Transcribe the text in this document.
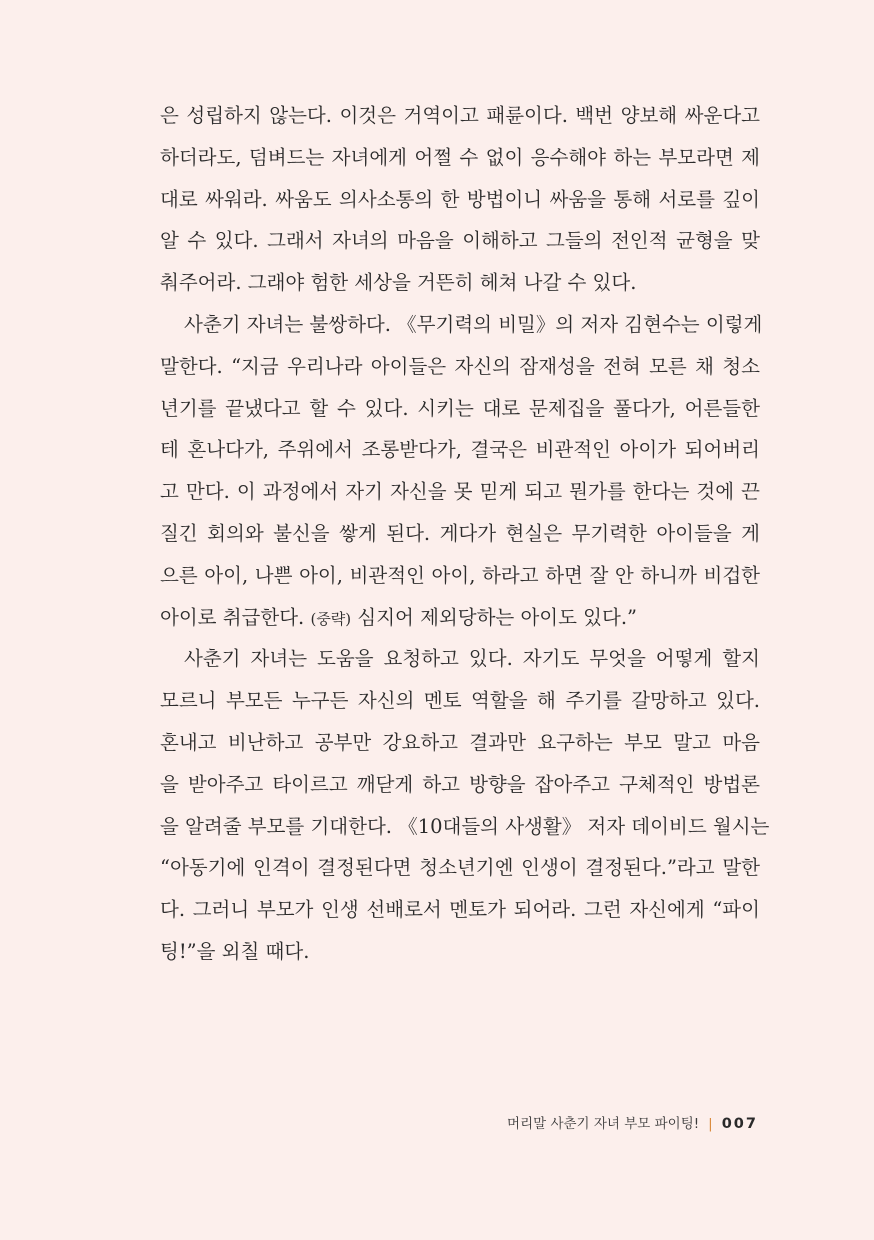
은 성립하지 않는다. 이것은 거역이고 패륜이다. 백번 양보해 싸운다고
하더라도, 덤벼드는 자녀에게 어쩔 수 없이 응수해야 하는 부모라면 제
대로 싸워라. 싸움도 의사소통의 한 방법이니 싸움을 통해 서로를 깊이
알 수 있다. 그래서 자녀의 마음을 이해하고 그들의 전인적 균형을 맞
춰주어라. 그래야 험한 세상을 거뜬히 헤쳐 나갈 수 있다.
사춘기 자녀는 불쌍하다. 《무기력의 비밀》의 저자 김현수는 이렇게
말한다. “지금 우리나라 아이들은 자신의 잠재성을 전혀 모른 채 청소
년기를 끝냈다고 할 수 있다. 시키는 대로 문제집을 풀다가, 어른들한
테 혼나다가, 주위에서 조롱받다가, 결국은 비관적인 아이가 되어버리
고 만다. 이 과정에서 자기 자신을 못 믿게 되고 뭔가를 한다는 것에 끈
질긴 회의와 불신을 쌓게 된다. 게다가 현실은 무기력한 아이들을 게
으른 아이, 나쁜 아이, 비관적인 아이, 하라고 하면 잘 안 하니까 비겁한
아이로 취급한다. (중략) 심지어 제외당하는 아이도 있다.”
사춘기 자녀는 도움을 요청하고 있다. 자기도 무엇을 어떻게 할지
모르니 부모든 누구든 자신의 멘토 역할을 해 주기를 갈망하고 있다.
혼내고 비난하고 공부만 강요하고 결과만 요구하는 부모 말고 마음
을 받아주고 타이르고 깨닫게 하고 방향을 잡아주고 구체적인 방법론
을 알려줄 부모를 기대한다. 《10대들의 사생활》 저자 데이비드 월시는
“아동기에 인격이 결정된다면 청소년기엔 인생이 결정된다.”라고 말한
다. 그러니 부모가 인생 선배로서 멘토가 되어라. 그런 자신에게 “파이
팅!”을 외칠 때다.
머리말 사춘기 자녀 부모 파이팅! | 007
